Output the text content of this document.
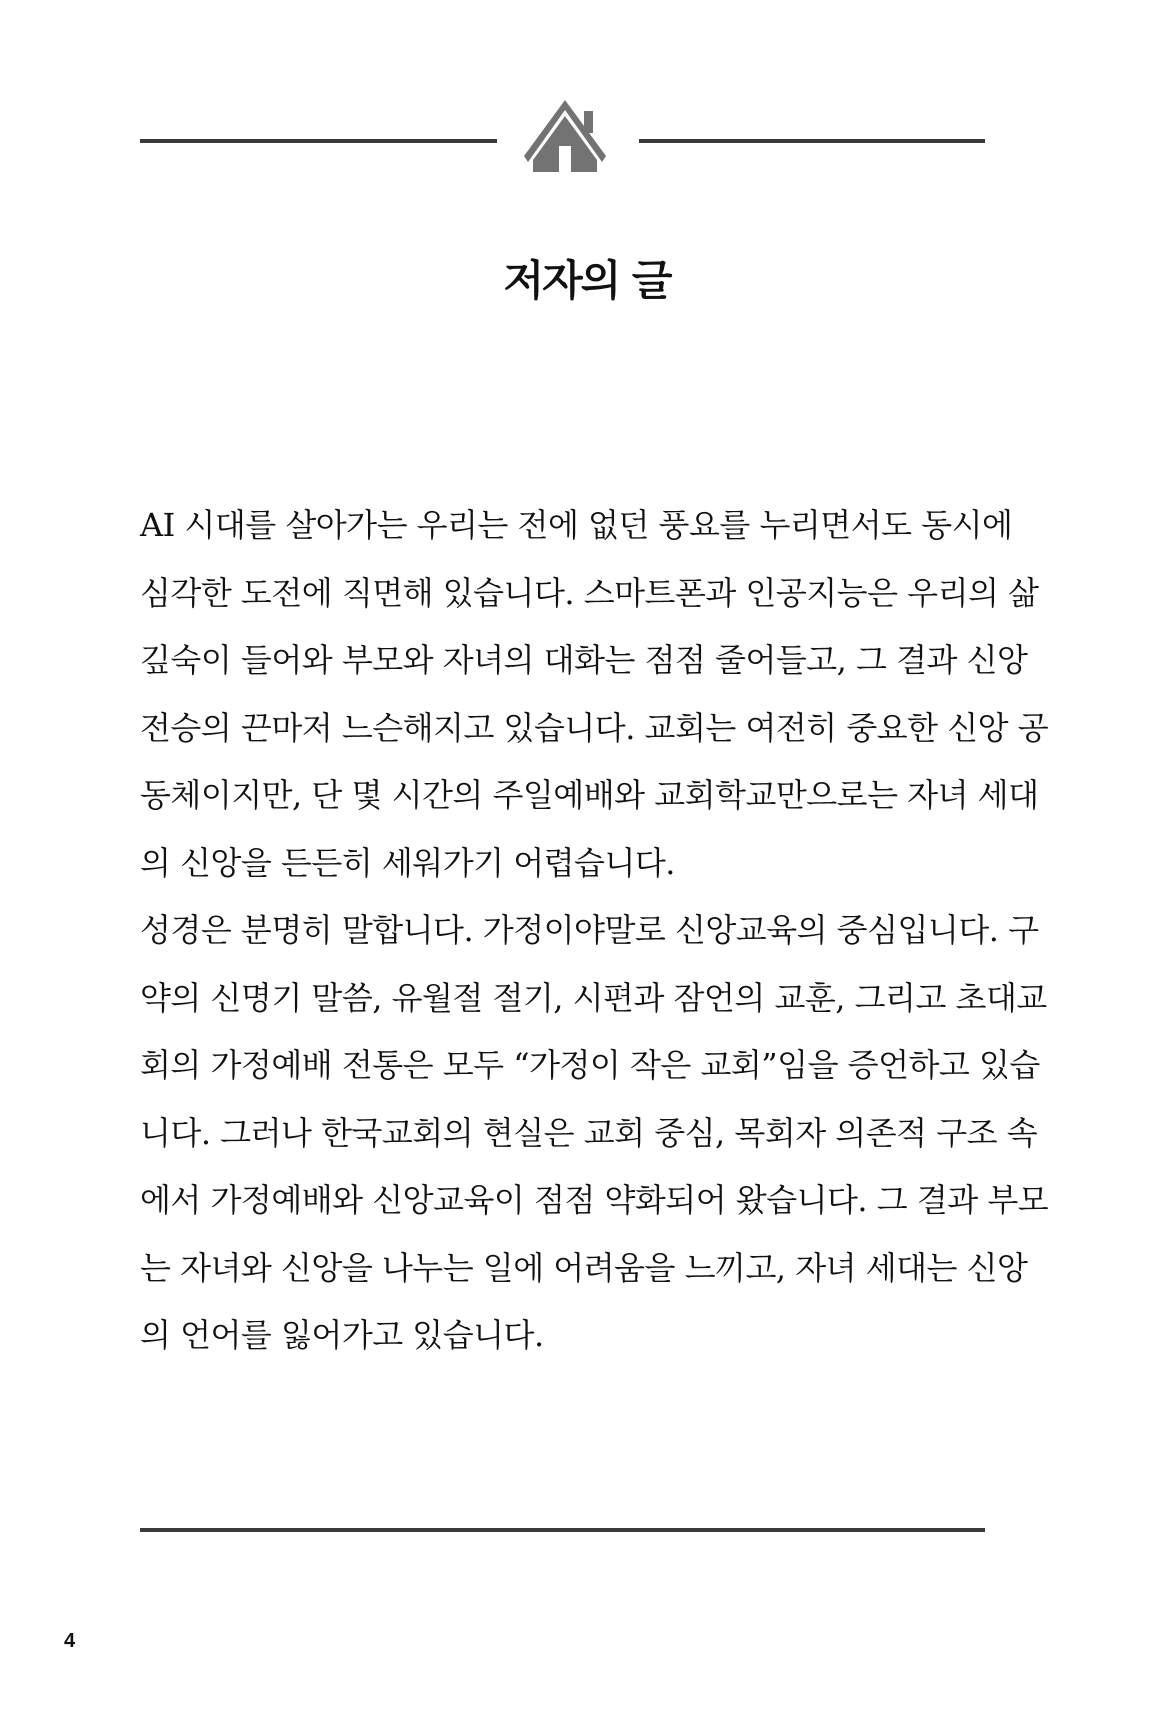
저자의 글
AI 시대를 살아가는 우리는 전에 없던 풍요를 누리면서도 동시에
심각한 도전에 직면해 있습니다. 스마트폰과 인공지능은 우리의 삶
깊숙이 들어와 부모와 자녀의 대화는 점점 줄어들고, 그 결과 신앙
전승의 끈마저 느슨해지고 있습니다. 교회는 여전히 중요한 신앙 공
동체이지만, 단 몇 시간의 주일예배와 교회학교만으로는 자녀 세대
의 신앙을 든든히 세워가기 어렵습니다.
성경은 분명히 말합니다. 가정이야말로 신앙교육의 중심입니다. 구
약의 신명기 말씀, 유월절 절기, 시편과 잠언의 교훈, 그리고 초대교
회의 가정예배 전통은 모두 “가정이 작은 교회”임을 증언하고 있습
니다. 그러나 한국교회의 현실은 교회 중심, 목회자 의존적 구조 속
에서 가정예배와 신앙교육이 점점 약화되어 왔습니다. 그 결과 부모
는 자녀와 신앙을 나누는 일에 어려움을 느끼고, 자녀 세대는 신앙
의 언어를 잃어가고 있습니다.
4
